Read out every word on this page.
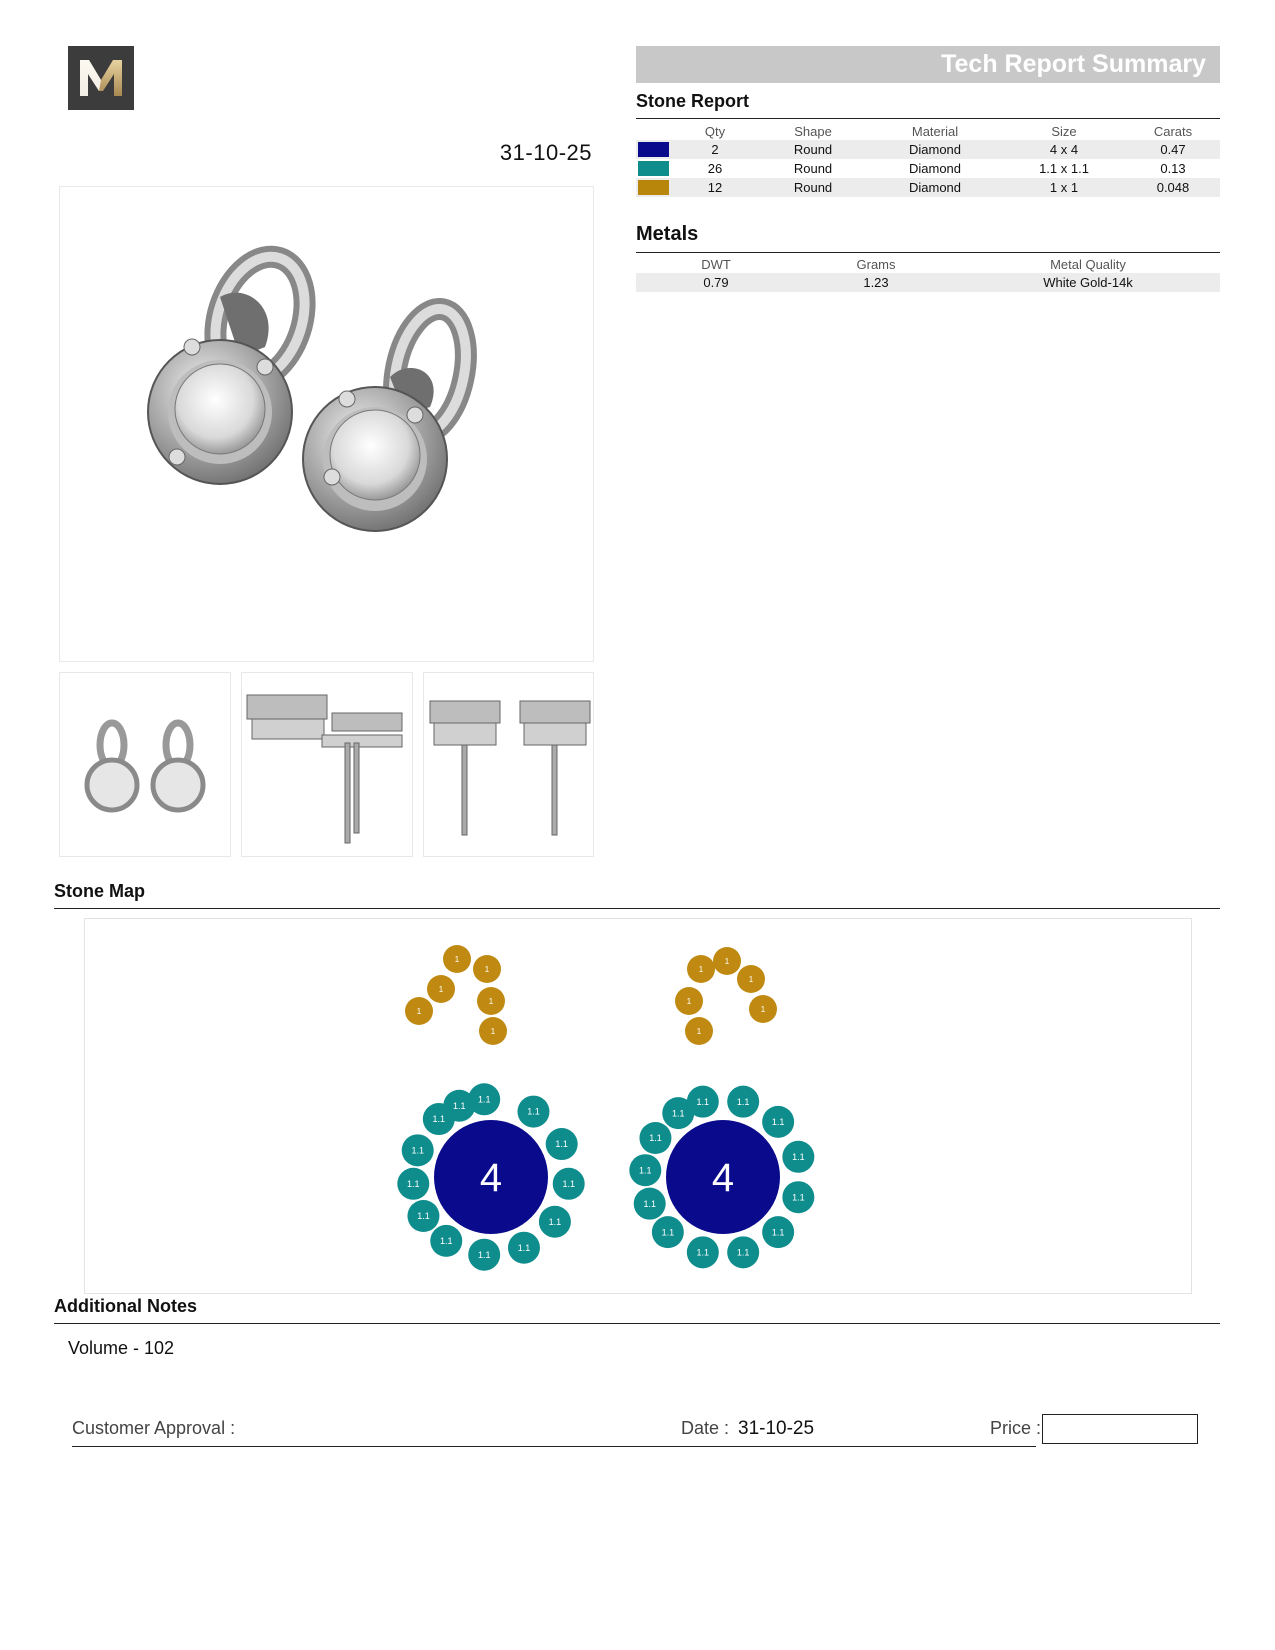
Tech Report Summary
31-10-25
Stone Report
	Qty	Shape	Material	Size	Carats

	2	Round	Diamond	4 x 4	0.47

	26	Round	Diamond	1.1 x 1.1	0.13

	12	Round	Diamond	1 x 1	0.048
Metals
DWT	Grams	Metal Quality
0.79	1.23	White Gold-14k
Stone Map
1
1
1
1
1
1
1
1
1
1
1
1
1.1
1.1
1.1
1.1
1.1
1.1
1.1
1.1
1.1
1.1
1.1
1.1
1.1
4
1.1	1.1
1.1
1.1
1.1
1.1
1.1
1.1
1.1
1.1
1.1
1.1
1.1
4
Additional Notes
Volume - 102
Customer Approval :	Date : 31-10-25	Price :
